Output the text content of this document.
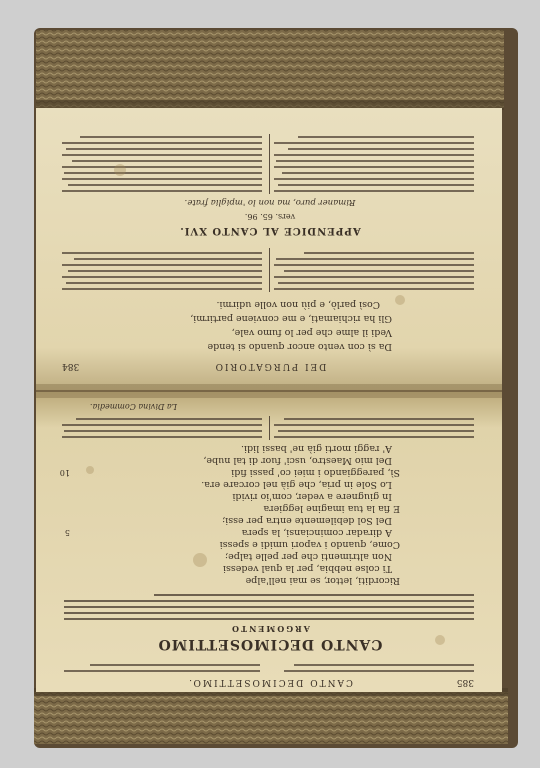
DEI PURGATORIO
384
Da sì con vento ancor quando si tende
Vedi il alme che per lo fumo vale,
Gli ha richiamati, e me conviene partirmi,
Così parlò, e più non volle udirmi.
APPENDICE AL CANTO XVI.
vers. 65. 96.
Rimaner puro, ma non lo 'mpiglia frate.
CANTO DECIMOSETTIMO.	385
CANTO DECIMOSETTIMO
ARGOMENTO
Ricorditi, lettor, se mai nell'alpe
Ti colse nebbia, per la qual vedessi
Non altrimenti che per pelle talpe;
Come, quando i vapori umidi e spessi
A diradar cominciansi, la spera
Del Sol debilemente entra per essi;
E fia la tua imagine leggiera
In giugnere a veder, com'io rividi
Lo Sole in pria, che già nel corcare era.
Sì, pareggiando i miei co' passi fidi
Del mio Maestro, usci' fuor di tal nube,
A' raggi morti già ne' bassi lidi.
5
10
La Divina Commedia.
